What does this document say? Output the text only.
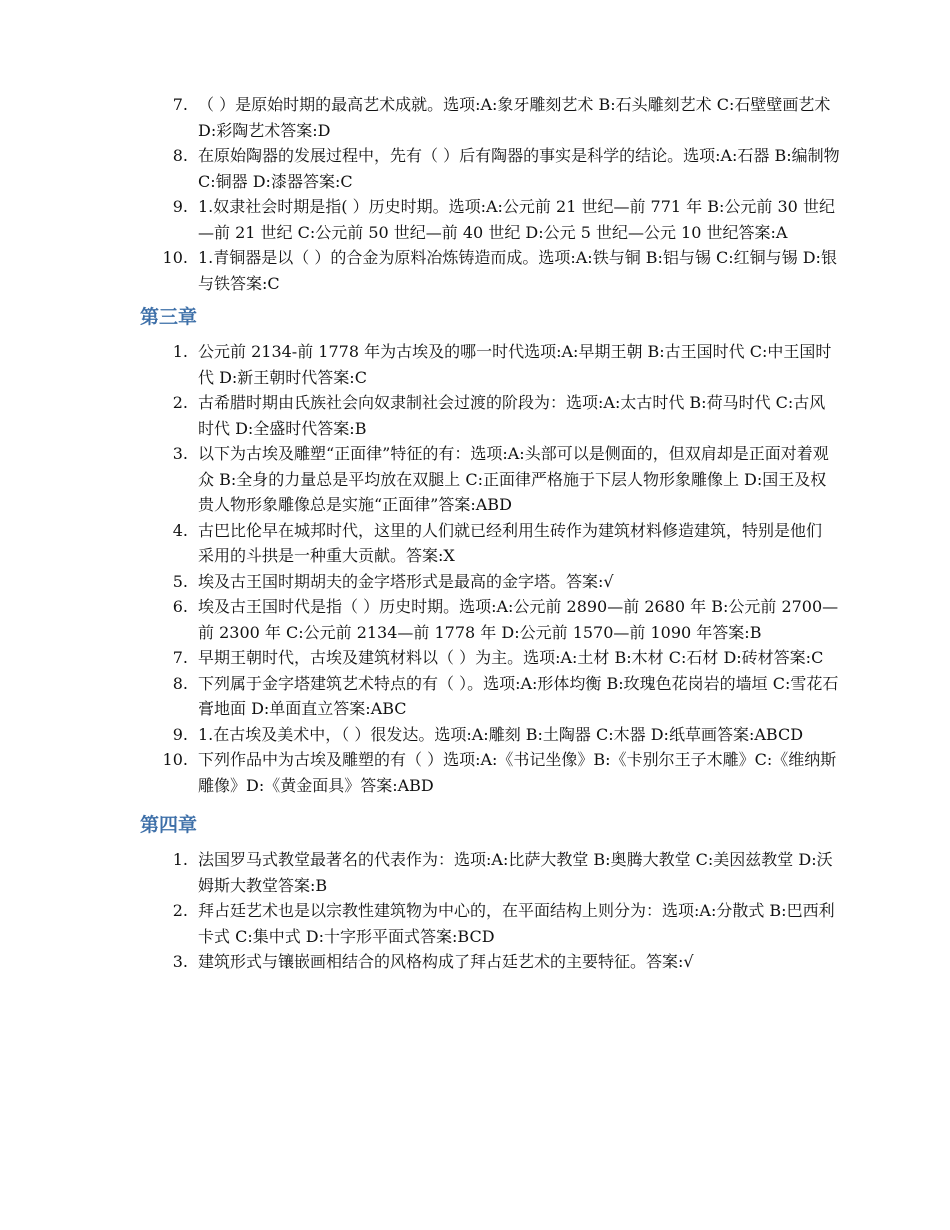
7. （ ）是原始时期的最高艺术成就。选项:A:象牙雕刻艺术 B:石头雕刻艺术 C:石壁壁画艺术 D:彩陶艺术答案:D
8. 在原始陶器的发展过程中，先有（ ）后有陶器的事实是科学的结论。选项:A:石器 B:编制物 C:铜器 D:漆器答案:C
9. 1.奴隶社会时期是指( ）历史时期。选项:A:公元前 21 世纪—前 771 年 B:公元前 30 世纪—前 21 世纪 C:公元前 50 世纪—前 40 世纪 D:公元 5 世纪—公元 10 世纪答案:A
10. 1.青铜器是以（ ）的合金为原料冶炼铸造而成。选项:A:铁与铜 B:铝与锡 C:红铜与锡 D:银与铁答案:C
第三章
1. 公元前 2134-前 1778 年为古埃及的哪一时代选项:A:早期王朝 B:古王国时代 C:中王国时代 D:新王朝时代答案:C
2. 古希腊时期由氏族社会向奴隶制社会过渡的阶段为：选项:A:太古时代 B:荷马时代 C:古风时代 D:全盛时代答案:B
3. 以下为古埃及雕塑“正面律”特征的有：选项:A:头部可以是侧面的，但双肩却是正面对着观众 B:全身的力量总是平均放在双腿上 C:正面律严格施于下层人物形象雕像上 D:国王及权贵人物形象雕像总是实施“正面律”答案:ABD
4. 古巴比伦早在城邦时代，这里的人们就已经利用生砖作为建筑材料修造建筑，特别是他们 采用的斗拱是一种重大贡献。答案:X
5. 埃及古王国时期胡夫的金字塔形式是最高的金字塔。答案:√
6. 埃及古王国时代是指（ ）历史时期。选项:A:公元前 2890—前 2680 年 B:公元前 2700—前 2300 年 C:公元前 2134—前 1778 年 D:公元前 1570—前 1090 年答案:B
7. 早期王朝时代，古埃及建筑材料以（ ）为主。选项:A:土材 B:木材 C:石材 D:砖材答案:C
8. 下列属于金字塔建筑艺术特点的有（ ）。选项:A:形体均衡 B:玫瑰色花岗岩的墙垣 C:雪花石膏地面 D:单面直立答案:ABC
9. 1.在古埃及美术中，（ ）很发达。选项:A:雕刻 B:土陶器 C:木器 D:纸草画答案:ABCD
10. 下列作品中为古埃及雕塑的有（ ）选项:A:《书记坐像》B:《卡别尔王子木雕》C:《维纳斯雕像》D:《黄金面具》答案:ABD
第四章
1. 法国罗马式教堂最著名的代表作为：选项:A:比萨大教堂 B:奥腾大教堂 C:美因兹教堂 D:沃姆斯大教堂答案:B
2. 拜占廷艺术也是以宗教性建筑物为中心的，在平面结构上则分为：选项:A:分散式 B:巴西利卡式 C:集中式 D:十字形平面式答案:BCD
3. 建筑形式与镶嵌画相结合的风格构成了拜占廷艺术的主要特征。答案:√
